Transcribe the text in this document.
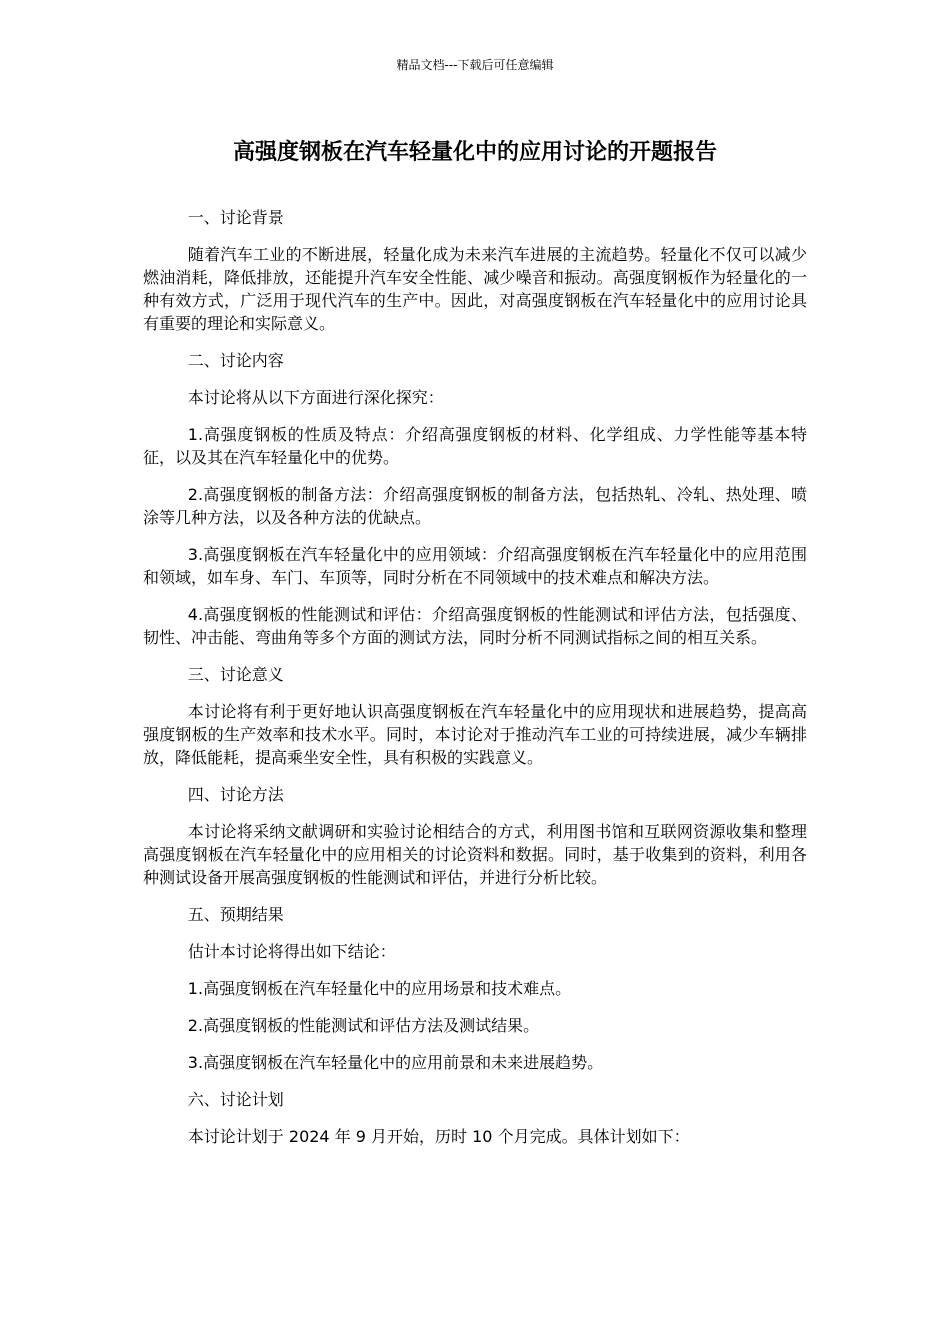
精品文档---下载后可任意编辑
高强度钢板在汽车轻量化中的应用讨论的开题报告

一、讨论背景

随着汽车工业的不断进展，轻量化成为未来汽车进展的主流趋势。轻量化不仅可以减少燃油消耗，降低排放，还能提升汽车安全性能、减少噪音和振动。高强度钢板作为轻量化的一种有效方式，广泛用于现代汽车的生产中。因此，对高强度钢板在汽车轻量化中的应用讨论具有重要的理论和实际意义。

二、讨论内容

本讨论将从以下方面进行深化探究：

1.高强度钢板的性质及特点：介绍高强度钢板的材料、化学组成、力学性能等基本特征，以及其在汽车轻量化中的优势。

2.高强度钢板的制备方法：介绍高强度钢板的制备方法，包括热轧、冷轧、热处理、喷涂等几种方法，以及各种方法的优缺点。

3.高强度钢板在汽车轻量化中的应用领域：介绍高强度钢板在汽车轻量化中的应用范围和领域，如车身、车门、车顶等，同时分析在不同领域中的技术难点和解决方法。

4.高强度钢板的性能测试和评估：介绍高强度钢板的性能测试和评估方法，包括强度、韧性、冲击能、弯曲角等多个方面的测试方法，同时分析不同测试指标之间的相互关系。

三、讨论意义

本讨论将有利于更好地认识高强度钢板在汽车轻量化中的应用现状和进展趋势，提高高强度钢板的生产效率和技术水平。同时，本讨论对于推动汽车工业的可持续进展，减少车辆排放，降低能耗，提高乘坐安全性，具有积极的实践意义。

四、讨论方法

本讨论将采纳文献调研和实验讨论相结合的方式，利用图书馆和互联网资源收集和整理高强度钢板在汽车轻量化中的应用相关的讨论资料和数据。同时，基于收集到的资料，利用各种测试设备开展高强度钢板的性能测试和评估，并进行分析比较。

五、预期结果

估计本讨论将得出如下结论：

1.高强度钢板在汽车轻量化中的应用场景和技术难点。

2.高强度钢板的性能测试和评估方法及测试结果。

3.高强度钢板在汽车轻量化中的应用前景和未来进展趋势。

六、讨论计划

本讨论计划于 2024 年 9 月开始，历时 10 个月完成。具体计划如下：
